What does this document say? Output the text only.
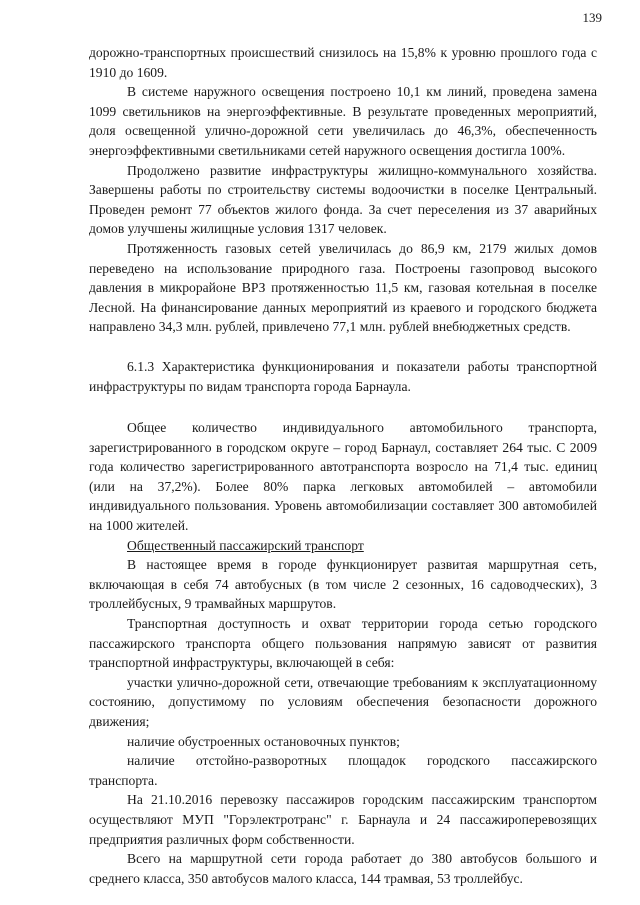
139

дорожно-транспортных происшествий снизилось на 15,8% к уровню прошлого года с 1910 до 1609.

В системе наружного освещения построено 10,1 км линий, проведена замена 1099 светильников на энергоэффективные. В результате проведенных мероприятий, доля освещенной улично-дорожной сети увеличилась до 46,3%, обеспеченность энергоэффективными светильниками сетей наружного освещения достигла 100%.

Продолжено развитие инфраструктуры жилищно-коммунального хозяйства. Завершены работы по строительству системы водоочистки в поселке Центральный. Проведен ремонт 77 объектов жилого фонда. За счет переселения из 37 аварийных домов улучшены жилищные условия 1317 человек.

Протяженность газовых сетей увеличилась до 86,9 км, 2179 жилых домов переведено на использование природного газа. Построены газопровод высокого давления в микрорайоне ВРЗ протяженностью 11,5 км, газовая котельная в поселке Лесной. На финансирование данных мероприятий из краевого и городского бюджета направлено 34,3 млн. рублей, привлечено 77,1 млн. рублей внебюджетных средств.

6.1.3 Характеристика функционирования и показатели работы транспортной инфраструктуры по видам транспорта города Барнаула.

Общее количество индивидуального автомобильного транспорта, зарегистрированного в городском округе – город Барнаул, составляет 264 тыс. С 2009 года количество зарегистрированного автотранспорта возросло на 71,4 тыс. единиц (или на 37,2%). Более 80% парка легковых автомобилей – автомобили индивидуального пользования. Уровень автомобилизации составляет 300 автомобилей на 1000 жителей.

Общественный пассажирский транспорт

В настоящее время в городе функционирует развитая маршрутная сеть, включающая в себя 74 автобусных (в том числе 2 сезонных, 16 садоводческих), 3 троллейбусных, 9 трамвайных маршрутов.

Транспортная доступность и охват территории города сетью городского пассажирского транспорта общего пользования напрямую зависят от развития транспортной инфраструктуры, включающей в себя:

участки улично-дорожной сети, отвечающие требованиям к эксплуатационному состоянию, допустимому по условиям обеспечения безопасности дорожного движения;

наличие обустроенных остановочных пунктов;

наличие отстойно-разворотных площадок городского пассажирского транспорта.

На 21.10.2016 перевозку пассажиров городским пассажирским транспортом осуществляют МУП "Горэлектротранс" г. Барнаула и 24 пассажироперевозящих предприятия различных форм собственности.

Всего на маршрутной сети города работает до 380 автобусов большого и среднего класса, 350 автобусов малого класса, 144 трамвая, 53 троллейбус.
